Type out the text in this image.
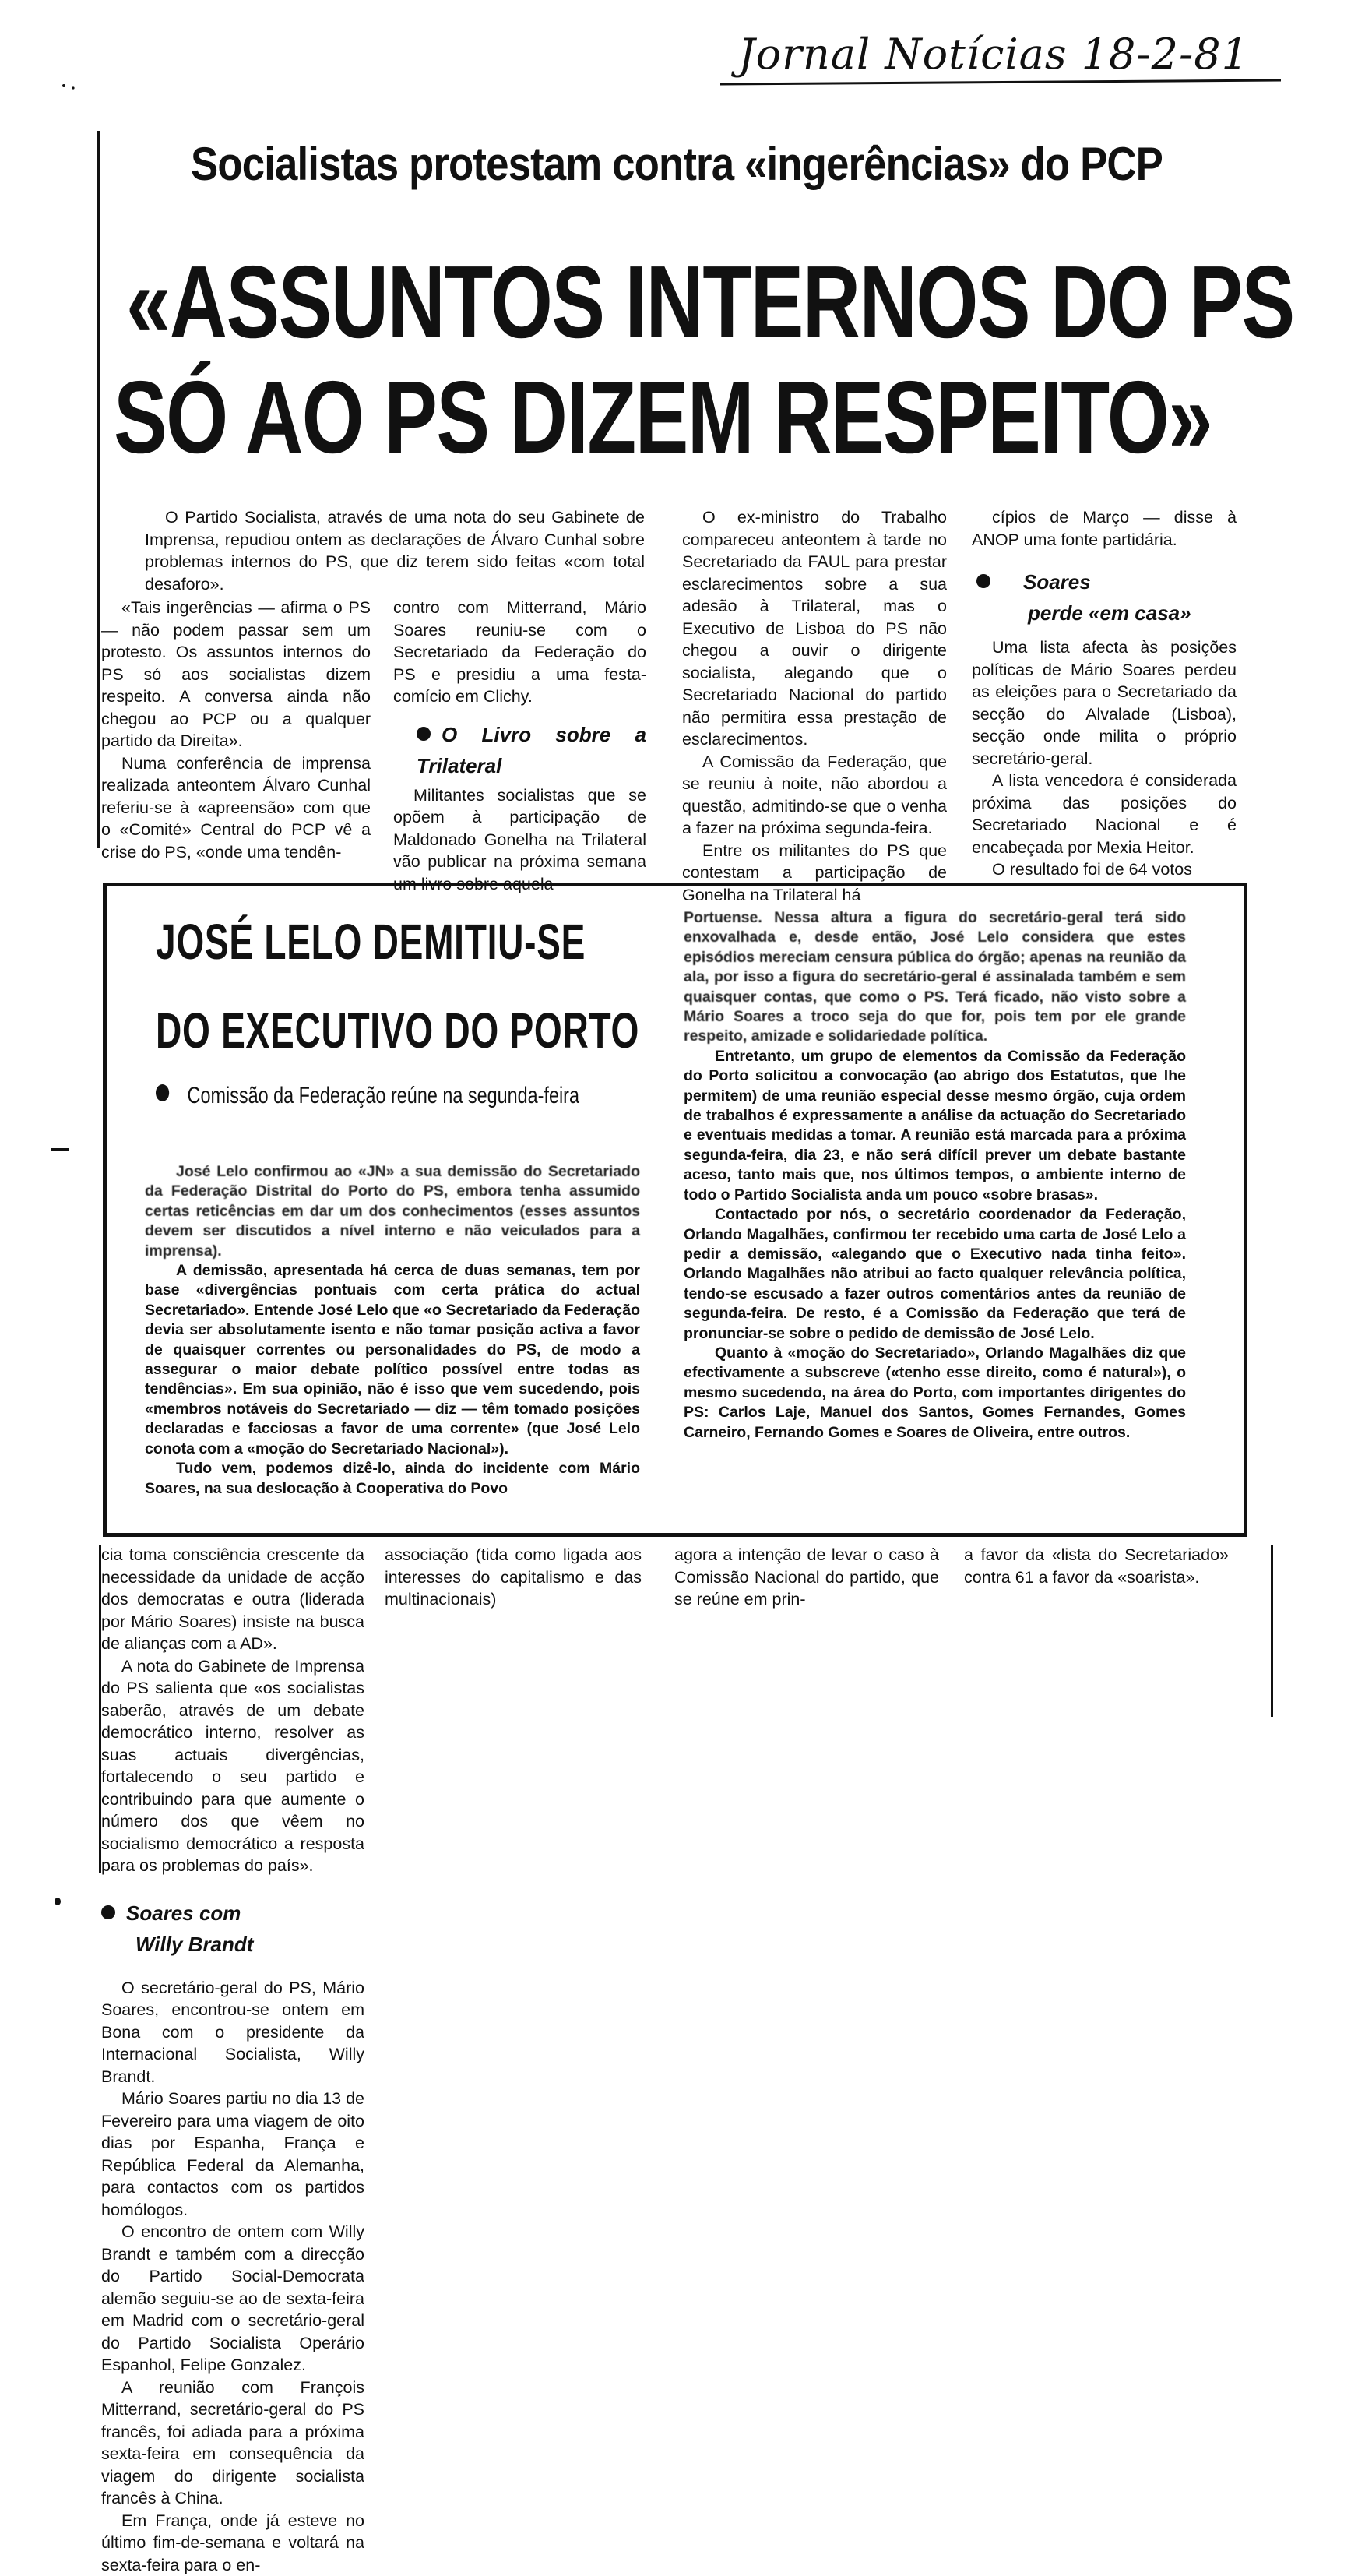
Jornal Notícias 18-2-81
Socialistas protestam contra «ingerências» do PCP
«ASSUNTOS INTERNOS DO PS
SÓ AO PS DIZEM RESPEITO»

O Partido Socialista, através de uma nota do seu Gabinete de Imprensa, repudiou ontem as declarações de Álvaro Cunhal sobre problemas internos do PS, que diz terem sido feitas «com total desaforo».

«Tais ingerências — afirma o PS — não podem passar sem um protesto. Os assuntos internos do PS só aos socialistas dizem respeito. A conversa ainda não chegou ao PCP ou a qualquer partido da Direita».

Numa conferência de imprensa realizada anteontem Álvaro Cunhal referiu-se à «apreensão» com que o «Comité» Central do PCP vê a crise do PS, «onde uma tendên-

contro com Mitterrand, Mário Soares reuniu-se com o Secretariado da Federação do PS e presidiu a uma festa-comício em Clichy.

O Livro sobre a Trilateral

Militantes socialistas que se opõem à participação de Maldonado Gonelha na Trilateral vão publicar na próxima semana um livro sobre aquela

O ex-ministro do Trabalho compareceu anteontem à tarde no Secretariado da FAUL para prestar esclarecimentos sobre a sua adesão à Trilateral, mas o Executivo de Lisboa do PS não chegou a ouvir o dirigente socialista, alegando que o Secretariado Nacional do partido não permitira essa prestação de esclarecimentos.

A Comissão da Federação, que se reuniu à noite, não abordou a questão, admitindo-se que o venha a fazer na próxima segunda-feira.

Entre os militantes do PS que contestam a participação de Gonelha na Trilateral há

cípios de Março — disse à ANOP uma fonte partidária.

Soares
perde «em casa»

Uma lista afecta às posições políticas de Mário Soares perdeu as eleições para o Secretariado da secção do Alvalade (Lisboa), secção onde milita o próprio secretário-geral.

A lista vencedora é considerada próxima das posições do Secretariado Nacional e é encabeçada por Mexia Heitor.

O resultado foi de 64 votos

JOSÉ LELO DEMITIU-SE
DO EXECUTIVO DO PORTO
Comissão da Federação reúne na segunda-feira

José Lelo confirmou ao «JN» a sua demissão do Secretariado da Federação Distrital do Porto do PS, embora tenha assumido certas reticências em dar um dos conhecimentos (esses assuntos devem ser discutidos a nível interno e não veiculados para a imprensa).

A demissão, apresentada há cerca de duas semanas, tem por base «divergências pontuais com certa prática do actual Secretariado». Entende José Lelo que «o Secretariado da Federação devia ser absolutamente isento e não tomar posição activa a favor de quaisquer correntes ou personalidades do PS, de modo a assegurar o maior debate político possível entre todas as tendências». Em sua opinião, não é isso que vem sucedendo, pois «membros notáveis do Secretariado — diz — têm tomado posições declaradas e facciosas a favor de uma corrente» (que José Lelo conota com a «moção do Secretariado Nacional»).

Tudo vem, podemos dizê-lo, ainda do incidente com Mário Soares, na sua deslocação à Cooperativa do Povo

Portuense. Nessa altura a figura do secretário-geral terá sido enxovalhada e, desde então, José Lelo considera que estes episódios mereciam censura pública do órgão; apenas na reunião da ala, por isso a figura do secretário-geral é assinalada também e sem quaisquer contas, que como o PS. Terá ficado, não visto sobre a Mário Soares a troco seja do que for, pois tem por ele grande respeito, amizade e solidariedade política.

Entretanto, um grupo de elementos da Comissão da Federação do Porto solicitou a convocação (ao abrigo dos Estatutos, que lhe permitem) de uma reunião especial desse mesmo órgão, cuja ordem de trabalhos é expressamente a análise da actuação do Secretariado e eventuais medidas a tomar. A reunião está marcada para a próxima segunda-feira, dia 23, e não será difícil prever um debate bastante aceso, tanto mais que, nos últimos tempos, o ambiente interno de todo o Partido Socialista anda um pouco «sobre brasas».

Contactado por nós, o secretário coordenador da Federação, Orlando Magalhães, confirmou ter recebido uma carta de José Lelo a pedir a demissão, «alegando que o Executivo nada tinha feito». Orlando Magalhães não atribui ao facto qualquer relevância política, tendo-se escusado a fazer outros comentários antes da reunião de segunda-feira. De resto, é a Comissão da Federação que terá de pronunciar-se sobre o pedido de demissão de José Lelo.

Quanto à «moção do Secretariado», Orlando Magalhães diz que efectivamente a subscreve («tenho esse direito, como é natural»), o mesmo sucedendo, na área do Porto, com importantes dirigentes do PS: Carlos Laje, Manuel dos Santos, Gomes Fernandes, Gomes Carneiro, Fernando Gomes e Soares de Oliveira, entre outros.

cia toma consciência crescente da necessidade da unidade de acção dos democratas e outra (liderada por Mário Soares) insiste na busca de alianças com a AD».

A nota do Gabinete de Imprensa do PS salienta que «os socialistas saberão, através de um debate democrático interno, resolver as suas actuais divergências, fortalecendo o seu partido e contribuindo para que aumente o número dos que vêem no socialismo democrático a resposta para os problemas do país».

Soares com
Willy Brandt

O secretário-geral do PS, Mário Soares, encontrou-se ontem em Bona com o presidente da Internacional Socialista, Willy Brandt.

Mário Soares partiu no dia 13 de Fevereiro para uma viagem de oito dias por Espanha, França e República Federal da Alemanha, para contactos com os partidos homólogos.

O encontro de ontem com Willy Brandt e também com a direcção do Partido Social-Democrata alemão seguiu-se ao de sexta-feira em Madrid com o secretário-geral do Partido Socialista Operário Espanhol, Felipe Gonzalez.

A reunião com François Mitterrand, secretário-geral do PS francês, foi adiada para a próxima sexta-feira em consequência da viagem do dirigente socialista francês à China.

Em França, onde já esteve no último fim-de-semana e voltará na sexta-feira para o en-

associação (tida como ligada aos interesses do capitalismo e das multinacionais)

agora a intenção de levar o caso à Comissão Nacional do partido, que se reúne em prin-

a favor da «lista do Secretariado» contra 61 a favor da «soarista».
